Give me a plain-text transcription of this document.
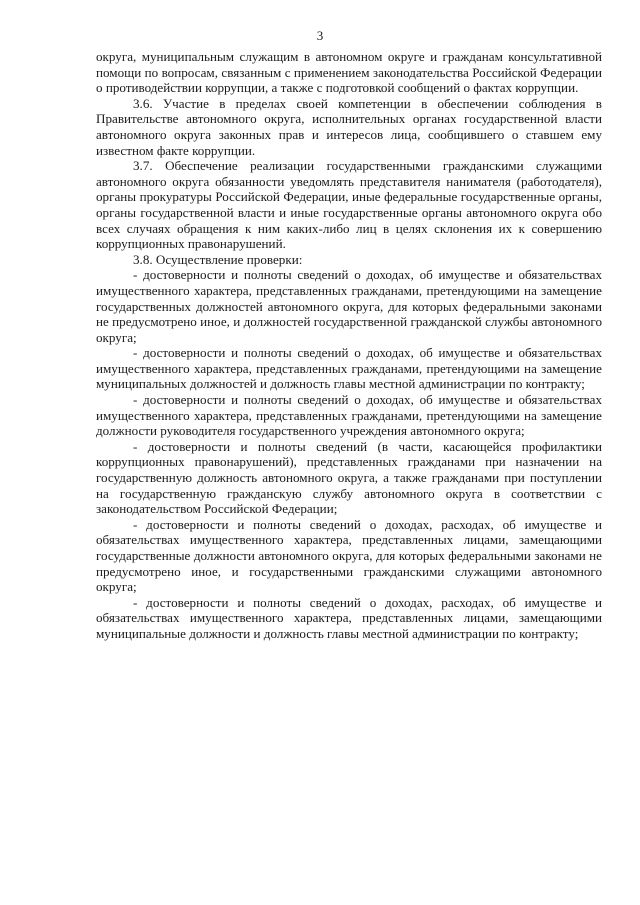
3

округа, муниципальным служащим в автономном округе и гражданам консультативной помощи по вопросам, связанным с применением законодательства Российской Федерации о противодействии коррупции, а также с подготовкой сообщений о фактах коррупции.

3.6. Участие в пределах своей компетенции в обеспечении соблюдения в Правительстве автономного округа, исполнительных органах государственной власти автономного округа законных прав и интересов лица, сообщившего о ставшем ему известном факте коррупции.

3.7. Обеспечение реализации государственными гражданскими служащими автономного округа обязанности уведомлять представителя нанимателя (работодателя), органы прокуратуры Российской Федерации, иные федеральные государственные органы, органы государственной власти и иные государственные органы автономного округа обо всех случаях обращения к ним каких-либо лиц в целях склонения их к совершению коррупционных правонарушений.

3.8. Осуществление проверки:

- достоверности и полноты сведений о доходах, об имуществе и обязательствах имущественного характера, представленных гражданами, претендующими на замещение государственных должностей автономного округа, для которых федеральными законами не предусмотрено иное, и должностей государственной гражданской службы автономного округа;

- достоверности и полноты сведений о доходах, об имуществе и обязательствах имущественного характера, представленных гражданами, претендующими на замещение муниципальных должностей и должность главы местной администрации по контракту;

- достоверности и полноты сведений о доходах, об имуществе и обязательствах имущественного характера, представленных гражданами, претендующими на замещение должности руководителя государственного учреждения автономного округа;

- достоверности и полноты сведений (в части, касающейся профилактики коррупционных правонарушений), представленных гражданами при назначении на государственную должность автономного округа, а также гражданами при поступлении на государственную гражданскую службу автономного округа в соответствии с законодательством Российской Федерации;

- достоверности и полноты сведений о доходах, расходах, об имуществе и обязательствах имущественного характера, представленных лицами, замещающими государственные должности автономного округа, для которых федеральными законами не предусмотрено иное, и государственными гражданскими служащими автономного округа;

- достоверности и полноты сведений о доходах, расходах, об имуществе и обязательствах имущественного характера, представленных лицами, замещающими муниципальные должности и должность главы местной администрации по контракту;
